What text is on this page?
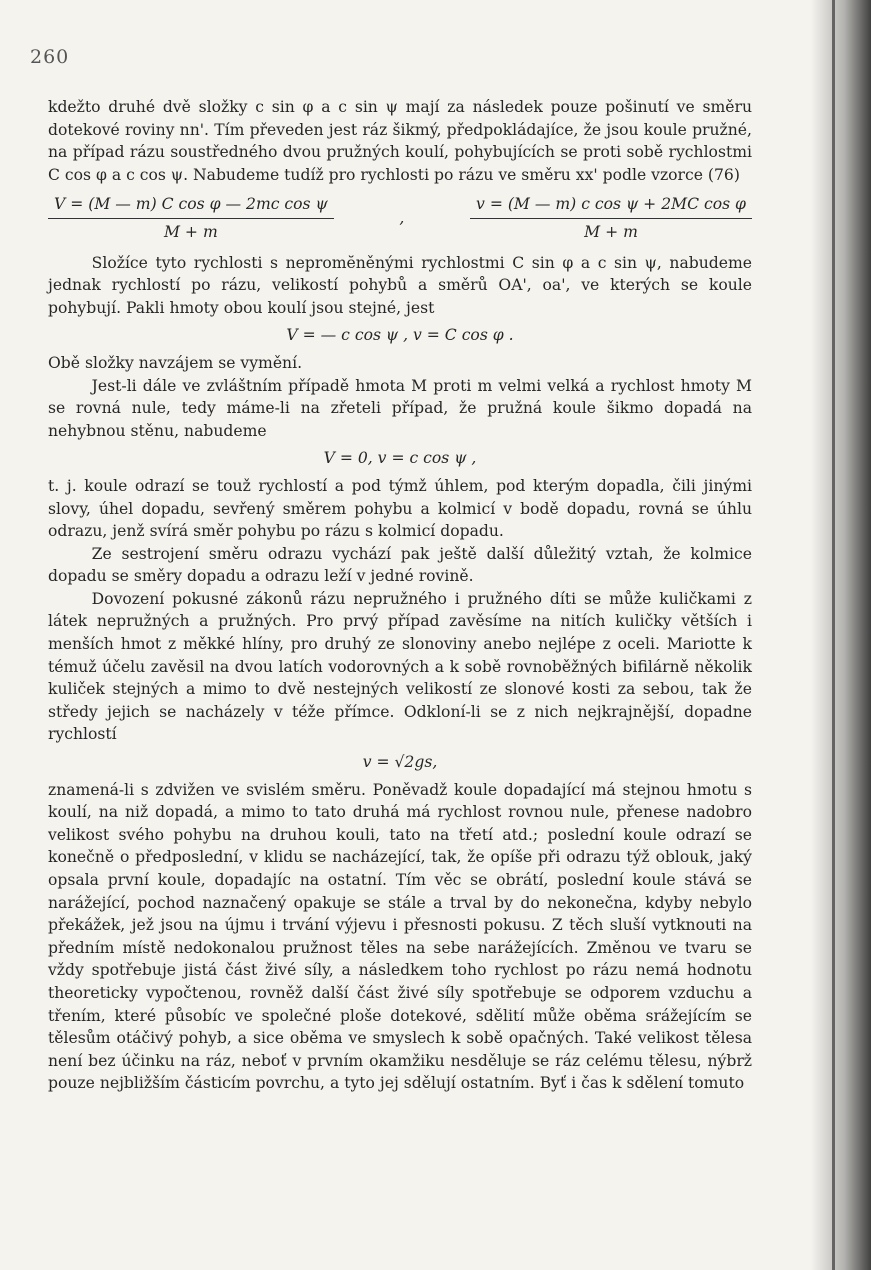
260

kdežto druhé dvě složky c sin φ a c sin ψ mají za následek pouze pošinutí ve směru dotekové roviny nn'. Tím převeden jest ráz šikmý, předpokládajíce, že jsou koule pružné, na případ rázu soustředného dvou pružných koulí, pohybujících se proti sobě rychlostmi C cos φ a c cos ψ. Nabudeme tudíž pro rychlosti po rázu ve směru xx' podle vzorce (76)

$\frac{\text{V = (M — m) C cos φ — 2mc cos ψ}}{M + m}$	,	$\frac{\text{v = (M — m) c cos ψ + 2MC cos φ}}{M + m}$

Složíce tyto rychlosti s nepromĕněnými rychlostmi C sin φ a c sin ψ, nabudeme jednak rychlostí po rázu, velikostí pohybů a směrů OA', oa', ve kterých se koule pohybují. Pakli hmoty obou koulí jsou stejné, jest

V = — c cos ψ , v = C cos φ .

Obě složky navzájem se vymění.

Jest-li dále ve zvláštním případě hmota M proti m velmi velká a rychlost hmoty M se rovná nule, tedy máme-li na zřeteli případ, že pružná koule šikmo dopadá na nehybnou stěnu, nabudeme

V = 0, v = c cos ψ ,

t. j. koule odrazí se touž rychlostí a pod týmž úhlem, pod kterým dopadla, čili jinými slovy, úhel dopadu, sevřený směrem pohybu a kolmicí v bodě dopadu, rovná se úhlu odrazu, jenž svírá směr pohybu po rázu s kolmicí dopadu.

Ze sestrojení směru odrazu vychází pak ještě další důležitý vztah, že kolmice dopadu se směry dopadu a odrazu leží v jedné rovině.

Dovození pokusné zákonů rázu nepružného i pružného díti se může kuličkami z látek nepružných a pružných. Pro prvý případ zavěsíme na nitích kuličky větších i menších hmot z měkké hlíny, pro druhý ze slonoviny anebo nejlépe z oceli. Mariotte k témuž účelu zavěsil na dvou latích vodorovných a k sobě rovnoběžných bifilárně několik kuliček stejných a mimo to dvě nestejných velikostí ze slonové kosti za sebou, tak že středy jejich se nacházely v téže přímce. Odkloní-li se z nich nejkrajnější, dopadne rychlostí

v = √2gs,

znamená-li s zdvižen ve svislém směru. Poněvadž koule dopadající má stejnou hmotu s koulí, na niž dopadá, a mimo to tato druhá má rychlost rovnou nule, přenese nadobro velikost svého pohybu na druhou kouli, tato na třetí atd.; poslední koule odrazí se konečně o předposlední, v klidu se nacházející, tak, že opíše při odrazu týž oblouk, jaký opsala první koule, dopadajíc na ostatní. Tím věc se obrátí, poslední koule stává se narážející, pochod naznačený opakuje se stále a trval by do nekonečna, kdyby nebylo překážek, jež jsou na újmu i trvání výjevu i přesnosti pokusu. Z těch sluší vytknouti na předním místě nedokonalou pružnost těles na sebe narážejících. Změnou ve tvaru se vždy spotřebuje jistá část živé síly, a následkem toho rychlost po rázu nemá hodnotu theoreticky vypočtenou, rovněž další část živé síly spotřebuje se odporem vzduchu a třením, které působíc ve společné ploše dotekové, sdělití může oběma srážejícím se tělesům otáčivý pohyb, a sice oběma ve smyslech k sobě opačných. Také velikost tělesa není bez účinku na ráz, neboť v prvním okamžiku nesděluje se ráz celému tělesu, nýbrž pouze nejbližším částicím povrchu, a tyto jej sdělují ostatním. Byť i čas k sdělení tomuto
